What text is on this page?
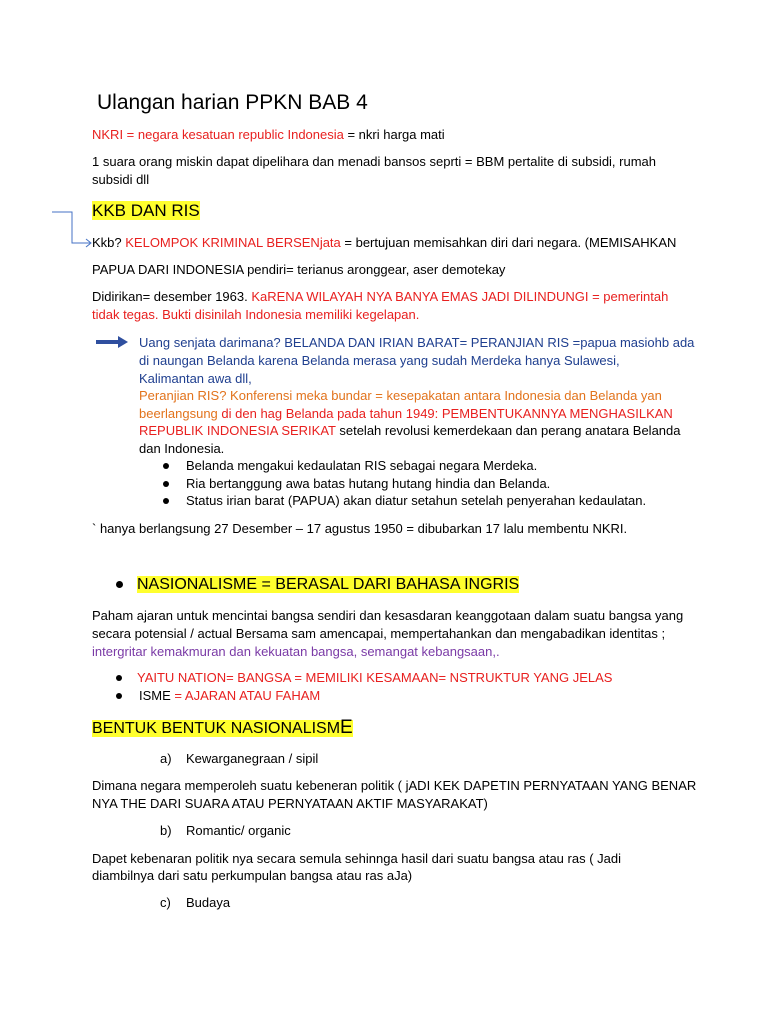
Ulangan harian PPKN BAB 4
NKRI = negara kesatuan republic Indonesia = nkri harga mati
1 suara orang miskin dapat dipelihara dan menadi bansos seprti = BBM pertalite di subsidi, rumah
subsidi dll
KKB DAN RIS
Kkb? KELOMPOK KRIMINAL BERSENjata = bertujuan memisahkan diri dari negara. (MEMISAHKAN
PAPUA DARI INDONESIA pendiri= terianus aronggear, aser demotekay
Didirikan= desember 1963. KaRENA WILAYAH NYA BANYA EMAS JADI DILINDUNGI = pemerintah
tidak tegas. Bukti disinilah Indonesia memiliki kegelapan.
Uang senjata darimana? BELANDA DAN IRIAN BARAT= PERANJIAN RIS =papua masiohb ada
di naungan Belanda karena Belanda merasa yang sudah Merdeka hanya Sulawesi,
Kalimantan awa dll,
Peranjian RIS? Konferensi meka bundar = kesepakatan antara Indonesia dan Belanda yan
beerlangsung di den hag Belanda pada tahun 1949: PEMBENTUKANNYA MENGHASILKAN
REPUBLIK INDONESIA SERIKAT setelah revolusi kemerdekaan dan perang anatara Belanda
dan Indonesia.
Belanda mengakui kedaulatan RIS sebagai negara Merdeka.
Ria bertanggung awa batas hutang hutang hindia dan Belanda.
Status irian barat (PAPUA) akan diatur setahun setelah penyerahan kedaulatan.
` hanya berlangsung 27 Desember – 17 agustus 1950 = dibubarkan 17 lalu membentu NKRI.
NASIONALISME = BERASAL DARI BAHASA INGRIS
Paham ajaran untuk mencintai bangsa sendiri dan kesasdaran keanggotaan dalam suatu bangsa yang
secara potensial / actual Bersama sam amencapai, mempertahankan dan mengabadikan identitas ;
intergritar kemakmuran dan kekuatan bangsa, semangat kebangsaan,.
YAITU NATION= BANGSA = MEMILIKI KESAMAAN= NSTRUKTUR YANG JELAS
ISME = AJARAN ATAU FAHAM
BENTUK BENTUK NASIONALISME
a) Kewarganegraan / sipil
Dimana negara memperoleh suatu kebeneran politik ( jADI KEK DAPETIN PERNYATAAN YANG BENAR
NYA THE DARI SUARA ATAU PERNYATAAN AKTIF MASYARAKAT)
b) Romantic/ organic
Dapet kebenaran politik nya secara semula sehinnga hasil dari suatu bangsa atau ras ( Jadi
diambilnya dari satu perkumpulan bangsa atau ras aJa)
c) Budaya
